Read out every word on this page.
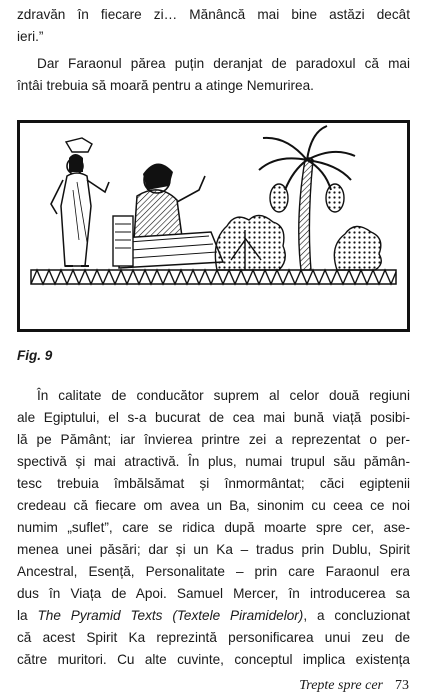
zdravăn în fiecare zi… Mănâncă mai bine astăzi decât
ieri.”
Dar Faraonul părea puțin deranjat de paradoxul că mai
întâi trebuia să moară pentru a atinge Nemurirea.
Fig. 9
În calitate de conducător suprem al celor două regiuni
ale Egiptului, el s-a bucurat de cea mai bună viață posibi-
lă pe Pământ; iar învierea printre zei a reprezentat o per-
spectivă și mai atractivă. În plus, numai trupul său pămân-
tesc trebuia îmbălsămat și înmormântat; căci egiptenii
credeau că fiecare om avea un Ba, sinonim cu ceea ce noi
numim „suflet”, care se ridica după moarte spre cer, ase-
menea unei păsări; dar și un Ka – tradus prin Dublu, Spirit
Ancestral, Esență, Personalitate – prin care Faraonul era
dus în Viața de Apoi. Samuel Mercer, în introducerea sa
la The Pyramid Texts (Textele Piramidelor), a concluzionat
că acest Spirit Ka reprezintă personificarea unui zeu de
către muritori. Cu alte cuvinte, conceptul implica existența
Trepte spre cer 73
